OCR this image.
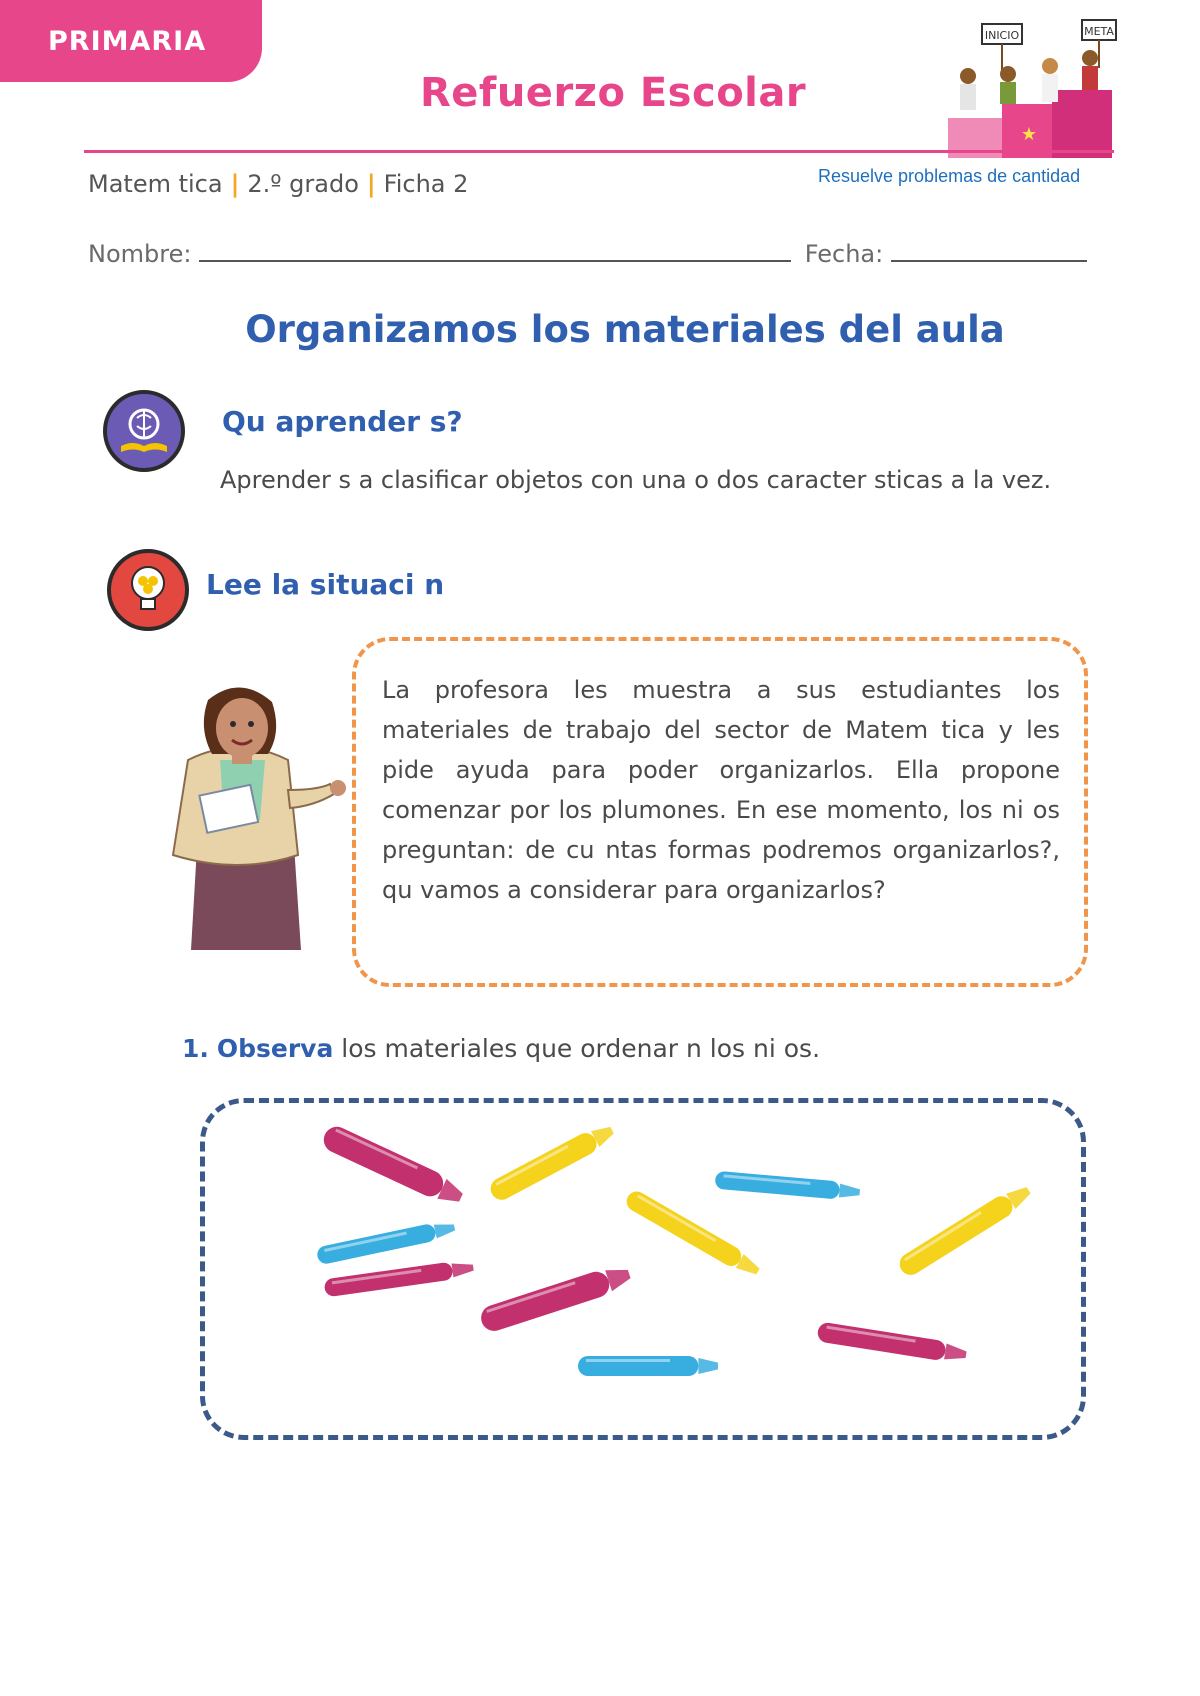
PRIMARIA
Refuerzo Escolar
★
INICIO	META
Matem tica | 2.º grado | Ficha 2	Resuelve problemas de cantidad
Nombre:	Fecha:
Organizamos los materiales del aula
Qu aprender s?
Aprender s a clasificar objetos con una o dos caracter sticas a la vez.
Lee la situaci n
La profesora les muestra a sus estudiantes los materiales de trabajo del sector de Matem tica y les pide ayuda para poder organizarlos. Ella propone comenzar por los plumones. En ese momento, los ni os preguntan: de cu ntas formas podremos organizarlos?, qu vamos a considerar para organizarlos?
1. Observa los materiales que ordenar n los ni os.
